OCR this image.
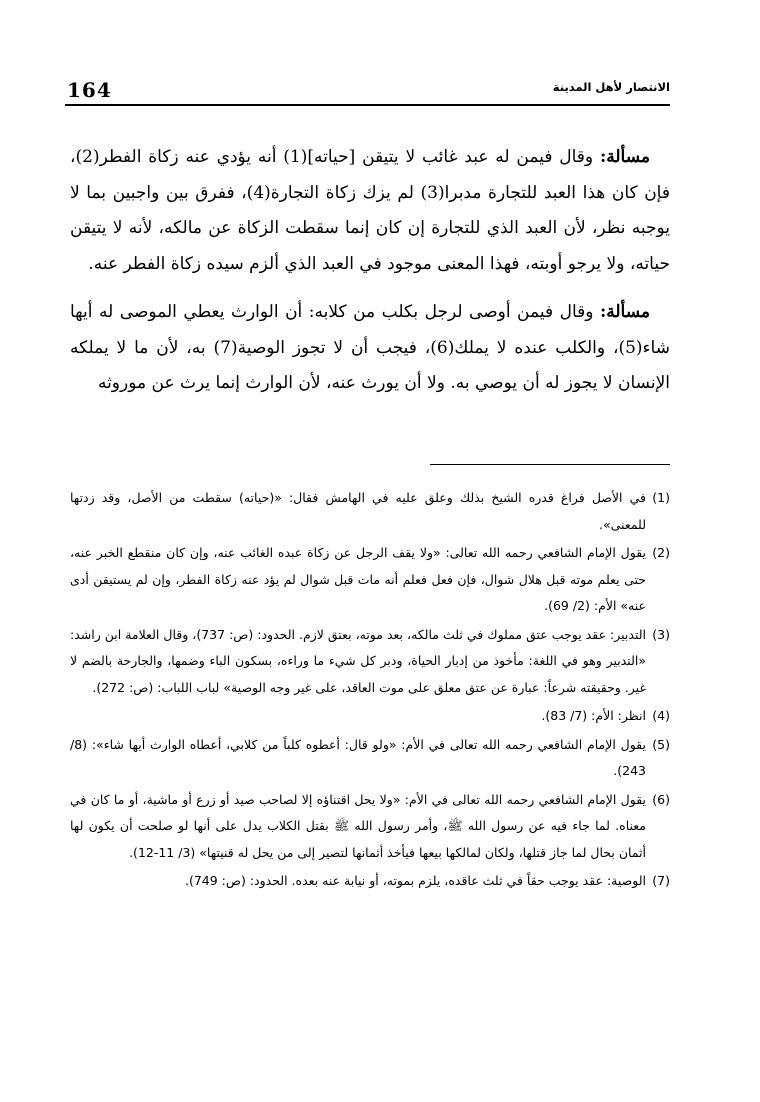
164	الانتصار لأهل المدينة

مسألة: وقال فيمن له عبد غائب لا يتيقن [حياته](1) أنه يؤدي عنه زكاة الفطر(2)، فإن كان هذا العبد للتجارة مدبرا(3) لم يزك زكاة التجارة(4)، ففرق بين واجبين بما لا يوجبه نظر، لأن العبد الذي للتجارة إن كان إنما سقطت الزكاة عن مالكه، لأنه لا يتيقن حياته، ولا يرجو أوبته، فهذا المعنى موجود في العبد الذي ألزم سيده زكاة الفطر عنه.

مسألة: وقال فيمن أوصى لرجل بكلب من كلابه: أن الوارث يعطي الموصى له أيها شاء(5)، والكلب عنده لا يملك(6)، فيجب أن لا تجوز الوصية(7) به، لأن ما لا يملكه الإنسان لا يجوز له أن يوصي به. ولا أن يورث عنه، لأن الوارث إنما يرث عن موروثه

(1)في الأصل فراغ قدره الشيخ بذلك وعلق عليه في الهامش فقال: «(حياته) سقطت من الأصل، وقد زدتها للمعنى».

(2)يقول الإمام الشافعي رحمه الله تعالى: «ولا يقف الرجل عن زكاة عبده الغائب عنه، وإن كان منقطع الخبر عنه، حتى يعلم موته قبل هلال شوال، فإن فعل فعلم أنه مات قبل شوال لم يؤد عنه زكاة الفطر، وإن لم يستيقن أدى عنه» الأم: (2/ 69).

(3)التدبير: عقد يوجب عتق مملوك في ثلث مالكه، بعد موته، بعتق لازم. الحدود: (ص: 737)، وقال العلامة ابن راشد: «التدبير وهو في اللغة: مأخوذ من إدبار الحياة، ودبر كل شيء ما وراءه، بسكون الباء وضمها، والجارحة بالضم لا غير. وحقيقته شرعاً: عبارة عن عتق معلق على موت العاقد، على غير وجه الوصية» لباب اللباب: (ص: 272).

(4)انظر: الأم: (7/ 83).

(5)يقول الإمام الشافعي رحمه الله تعالى في الأم: «ولو قال: أعطوه كلباً من كلابي، أعطاه الوارث أيها شاء»: (8/ 243).

(6)يقول الإمام الشافعي رحمه الله تعالى في الأم: «ولا يحل اقتناؤه إلا لصاحب صيد أو زرع أو ماشية، أو ما كان في معناه. لما جاء فيه عن رسول الله ﷺ، وأمر رسول الله ﷺ بقتل الكلاب يدل على أنها لو صلحت أن يكون لها أثمان بحال لما جاز قتلها، ولكان لمالكها بيعها فيأخذ أثمانها لتصير إلى من يحل له قنيتها» (3/ 11-12).

(7)الوصية: عقد يوجب حقاً في ثلث عاقده، يلزم بموته، أو نيابة عنه بعده. الحدود: (ص: 749).
